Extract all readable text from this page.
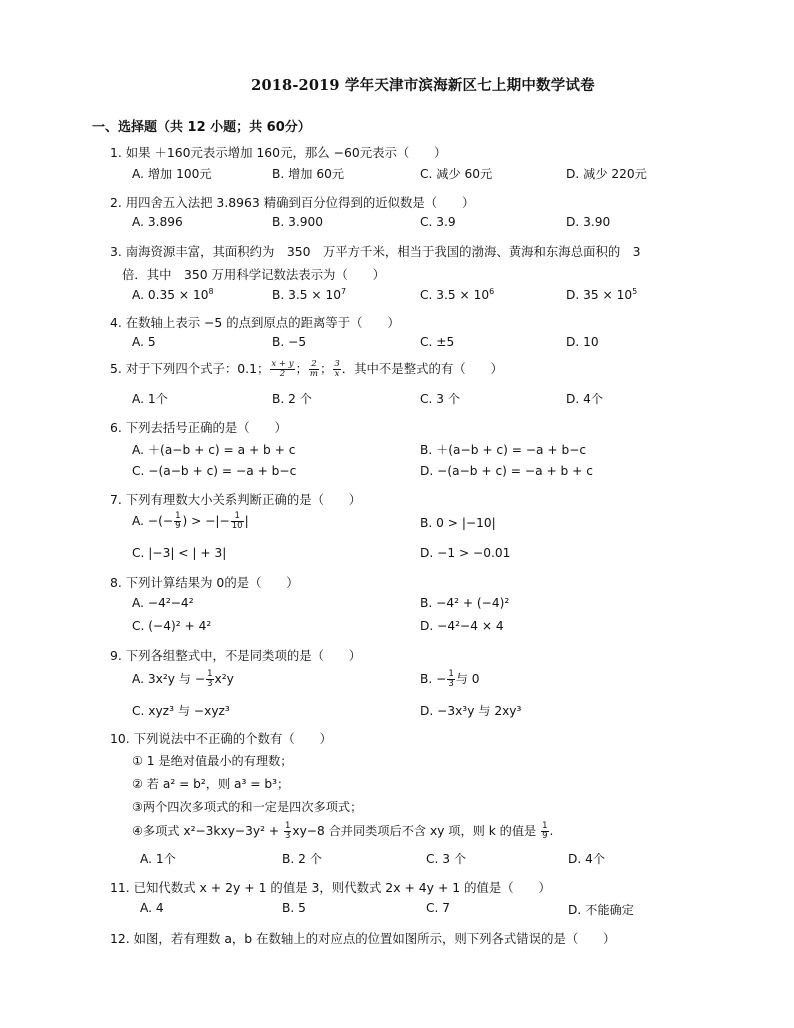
2018-2019 学年天津市滨海新区七上期中数学试卷
一、选择题（共 12 小题；共 60分）
1. 如果 ＋160元表示增加 160元，那么 −60元表示（　　）
A. 增加 100元	B. 增加 60元	C. 减少 60元	D. 减少 220元
2. 用四舍五入法把 3.8963 精确到百分位得到的近似数是（　　）
A. 3.896	B. 3.900	C. 3.9	D. 3.90
3. 南海资源丰富，其面积约为　350　万平方千米，相当于我国的渤海、黄海和东海总面积的　3
倍．其中　350 万用科学记数法表示为（　　）
A. $0.35 \times 10^8$	B. $3.5 \times 10^7$	C. $3.5 \times 10^6$	D. $35 \times 10^5$
4. 在数轴上表示 −5 的点到原点的距离等于（　　）
A. 5	B. −5	C. ±5	D. 10
5. 对于下列四个式子：0.1； $\frac{x + y}{2}$ ； $\frac{2}{m}$ ； $\frac{3}{x}$ ．其中不是整式的有（　　）
A. 1个	B. 2 个	C. 3 个	D. 4个
6. 下列去括号正确的是（　　）
A. ＋(a−b + c) = a + b + c	B. ＋(a−b + c) = −a + b−c
C. −(a−b + c) = −a + b−c	D. −(a−b + c) = −a + b + c
7. 下列有理数大小关系判断正确的是（　　）
A. −(− $\frac{1}{9}$ ) > −|− $\frac{1}{10}$ |	B. 0 > |−10|
C. |−3| < | + 3|	D. −1 > −0.01
8. 下列计算结果为 0的是（　　）
A. −4²−4²	B. −4² + (−4)²
C. (−4)² + 4²	D. −4²−4 × 4
9. 下列各组整式中，不是同类项的是（　　）
A. 3x²y 与 − $\frac{1}{3} x^2y$	B. − $\frac{1}{3}$ 与 0
C. xyz³ 与 −xyz³	D. −3x³y 与 2xy³
10. 下列说法中不正确的个数有（　　）
① 1 是绝对值最小的有理数；
② 若 a² = b²，则 a³ = b³；
③两个四次多项式的和一定是四次多项式；
④多项式 $x^2-3kxy-3y^2 + \frac{1}{3} xy-8$ 合并同类项后不含 xy 项，则 k 的值是 $\frac{1}{9}$ .
A. 1个	B. 2 个	C. 3 个	D. 4个
11. 已知代数式 x + 2y + 1 的值是 3，则代数式 2x + 4y + 1 的值是（　　）
A. 4	B. 5	C. 7	D. 不能确定
12. 如图，若有理数 a，b 在数轴上的对应点的位置如图所示，则下列各式错误的是（　　）
